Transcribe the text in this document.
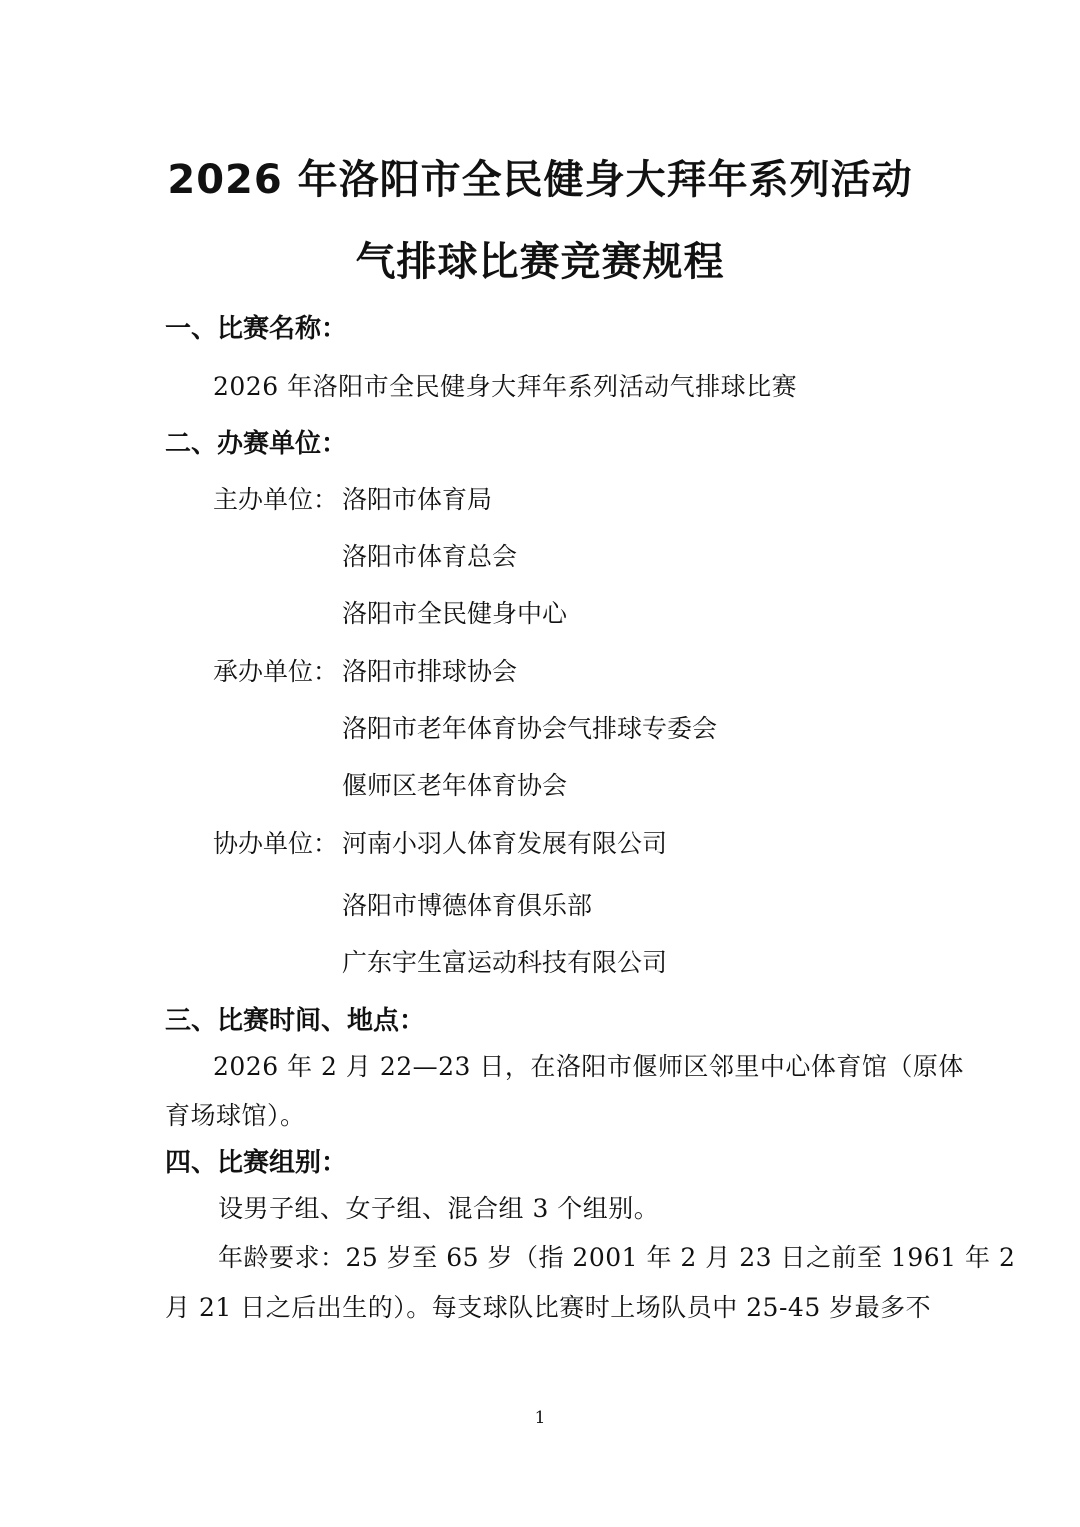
2026 年洛阳市全民健身大拜年系列活动
气排球比赛竞赛规程
一、比赛名称：
2026 年洛阳市全民健身大拜年系列活动气排球比赛
二、办赛单位：
主办单位： 洛阳市体育局
洛阳市体育总会
洛阳市全民健身中心
承办单位： 洛阳市排球协会
洛阳市老年体育协会气排球专委会
偃师区老年体育协会
协办单位： 河南小羽人体育发展有限公司
洛阳市博德体育俱乐部
广东宇生富运动科技有限公司
三、比赛时间、地点：
2026 年 2 月 22—23 日，在洛阳市偃师区邻里中心体育馆（原体
育场球馆）。
四、比赛组别：
设男子组、女子组、混合组 3 个组别。
年龄要求：25 岁至 65 岁（指 2001 年 2 月 23 日之前至 1961 年 2
月 21 日之后出生的）。每支球队比赛时上场队员中 25-45 岁最多不
1
